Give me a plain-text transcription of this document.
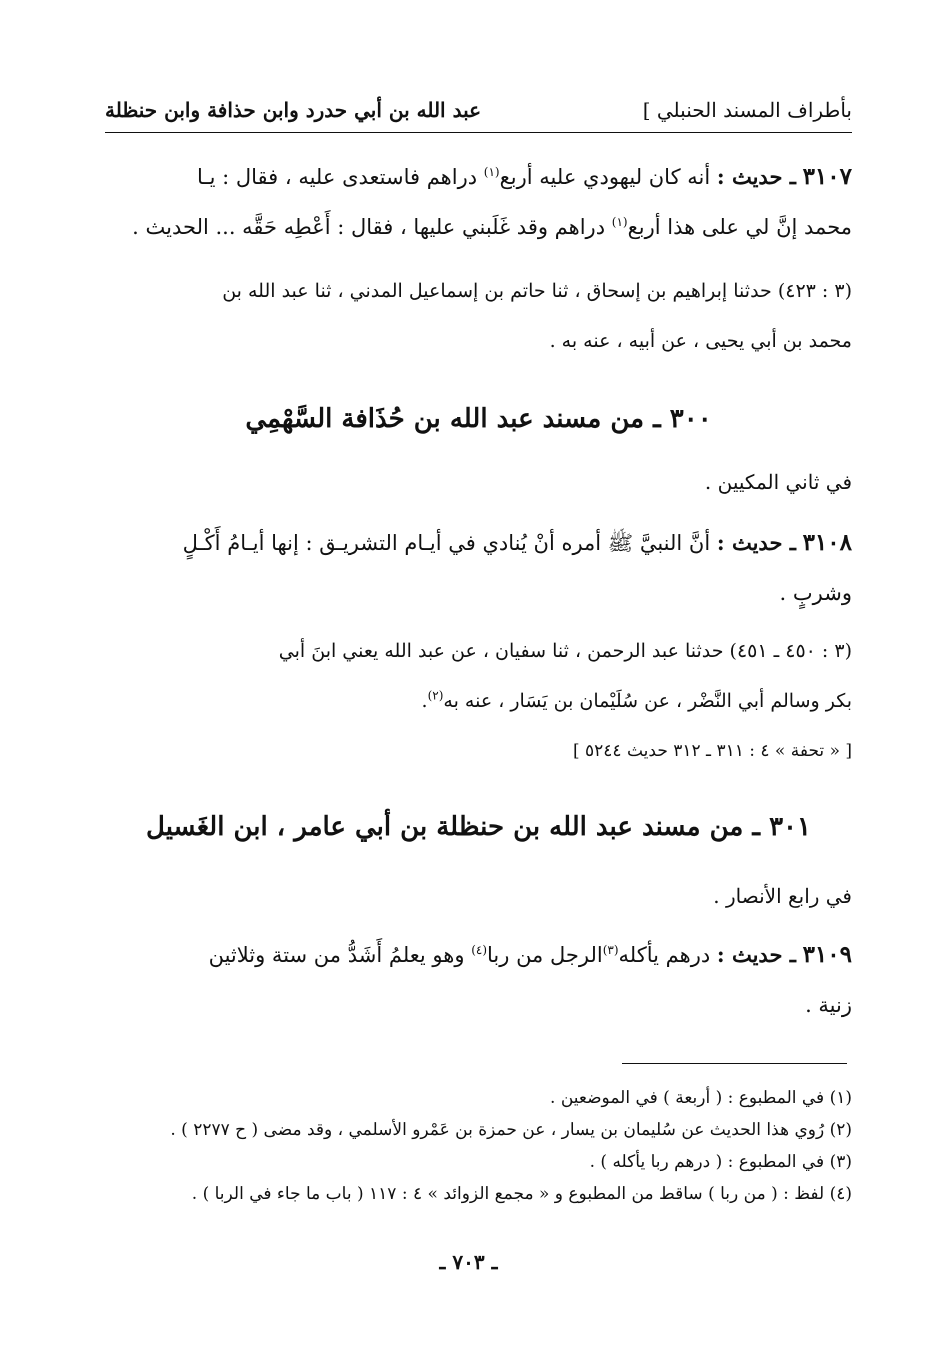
بأطراف المسند الحنبلي ]
عبد الله بن أبي حدرد وابن حذافة وابن حنظلة

٣١٠٧ ـ حديث : أنه كان ليهودي عليه أربع$^{(١)}$ دراهم فاستعدى عليه ، فقال : يـا

محمد إنَّ لي على هذا أربع$^{(١)}$ دراهم وقد غَلَبني عليها ، فقال : أَعْطِه حَقَّه ... الحديث .

(٣ : ٤٢٣) حدثنا إبراهيم بن إسحاق ، ثنا حاتم بن إسماعيل المدني ، ثنا عبد الله بن

محمد بن أبي يحيى ، عن أبيه ، عنه به .

٣٠٠ ـ من مسند عبد الله بن حُذَافة السَّهْمِي
في ثاني المكيين .

٣١٠٨ ـ حديث : أنَّ النبيَّ ﷺ أمره أنْ يُنادي في أيـام التشريـق : إنها أيـامُ أَكْـلٍ

وشربٍ .

(٣ : ٤٥٠ ـ ٤٥١) حدثنا عبد الرحمن ، ثنا سفيان ، عن عبد الله يعني ابنَ أبي

بكر وسالم أبي النَّضْر ، عن سُلَيْمان بن يَسَار ، عنه به$^{(٢)}$.

[ « تحفة » ٤ : ٣١١ ـ ٣١٢ حديث ٥٢٤٤ ]

٣٠١ ـ من مسند عبد الله بن حنظلة بن أبي عامر ، ابن الغَسيل
في رابع الأنصار .

٣١٠٩ ـ حديث : درهم يأكله$^{(٣)}$الرجل من ربا$^{(٤)}$ وهو يعلمُ أَشَدُّ من ستة وثلاثين

زنية .

(١) في المطبوع : ( أربعة ) في الموضعين .

(٢) رُوي هذا الحديث عن سُليمان بن يسار ، عن حمزة بن عَمْرو الأسلمي ، وقد مضى ( ح ٢٢٧٧ ) .

(٣) في المطبوع : ( درهم ربا يأكله ) .

(٤) لفظ : ( من ربا ) ساقط من المطبوع و « مجمع الزوائد » ٤ : ١١٧ ( باب ما جاء في الربا ) .

ـ ٧٠٣ ـ
